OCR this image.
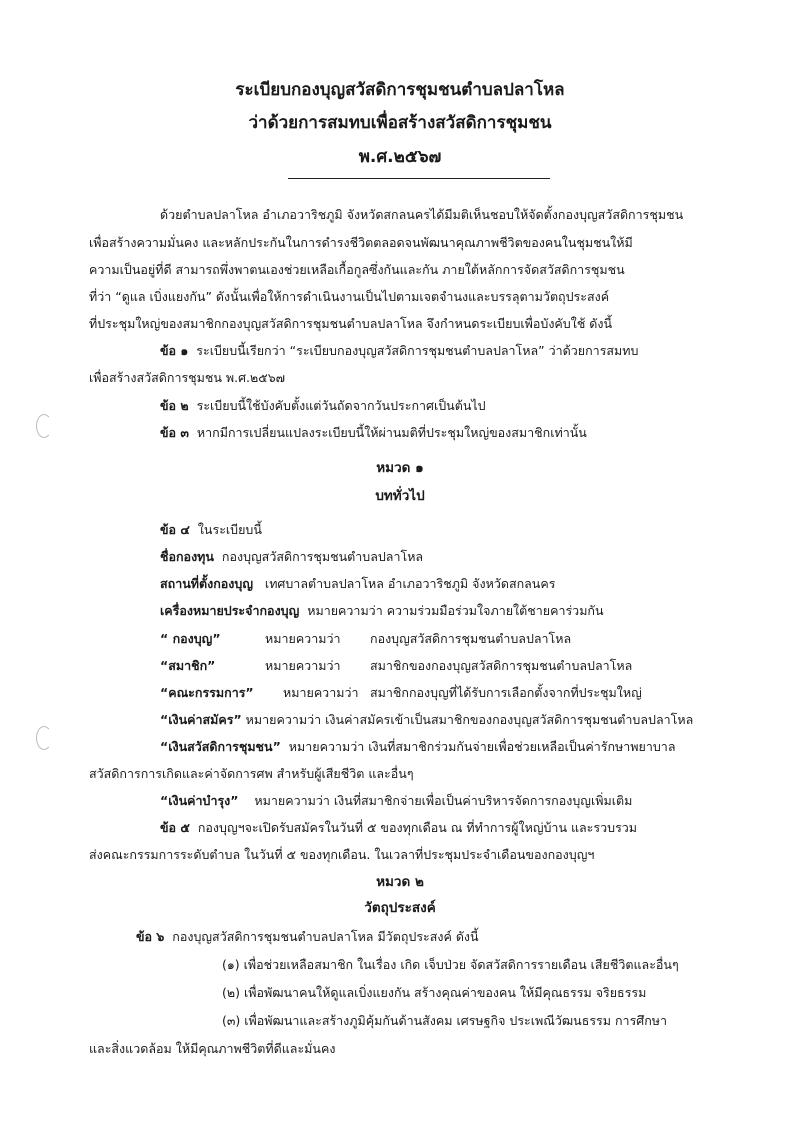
ระเบียบกองบุญสวัสดิการชุมชนตำบลปลาโหล
ว่าด้วยการสมทบเพื่อสร้างสวัสดิการชุมชน
พ.ศ.๒๕๖๗
ด้วยตำบลปลาโหล อำเภอวาริชภูมิ จังหวัดสกลนครได้มีมติเห็นชอบให้จัดตั้งกองบุญสวัสดิการชุมชน
เพื่อสร้างความมั่นคง และหลักประกันในการดำรงชีวิตตลอดจนพัฒนาคุณภาพชีวิตของคนในชุมชนให้มี
ความเป็นอยู่ที่ดี สามารถพึ่งพาตนเองช่วยเหลือเกื้อกูลซึ่งกันและกัน ภายใต้หลักการจัดสวัสดิการชุมชน
ที่ว่า “ดูแล เบิ่งแยงกัน” ดังนั้นเพื่อให้การดำเนินงานเป็นไปตามเจตจำนงและบรรลุตามวัตถุประสงค์
ที่ประชุมใหญ่ของสมาชิกกองบุญสวัสดิการชุมชนตำบลปลาโหล จึงกำหนดระเบียบเพื่อบังคับใช้ ดังนี้
ข้อ ๑ ระเบียบนี้เรียกว่า “ระเบียบกองบุญสวัสดิการชุมชนตำบลปลาโหล” ว่าด้วยการสมทบ
เพื่อสร้างสวัสดิการชุมชน พ.ศ.๒๕๖๗
ข้อ ๒ ระเบียบนี้ใช้บังคับตั้งแต่วันถัดจากวันประกาศเป็นต้นไป
ข้อ ๓ หากมีการเปลี่ยนแปลงระเบียบนี้ให้ผ่านมติที่ประชุมใหญ่ของสมาชิกเท่านั้น
หมวด ๑
บททั่วไป
ข้อ ๔ ในระเบียบนี้
ชื่อกองทุน กองบุญสวัสดิการชุมชนตำบลปลาโหล
สถานที่ตั้งกองบุญ เทศบาลตำบลปลาโหล อำเภอวาริชภูมิ จังหวัดสกลนคร
เครื่องหมายประจำกองบุญ หมายความว่า ความร่วมมือร่วมใจภายใต้ชายคาร่วมกัน
“ กองบุญ”	หมายความว่า กองบุญสวัสดิการชุมชนตำบลปลาโหล
“สมาชิก”	หมายความว่า สมาชิกของกองบุญสวัสดิการชุมชนตำบลปลาโหล
“คณะกรรมการ” หมายความว่า สมาชิกกองบุญที่ได้รับการเลือกตั้งจากที่ประชุมใหญ่
“เงินค่าสมัคร” หมายความว่า เงินค่าสมัครเข้าเป็นสมาชิกของกองบุญสวัสดิการชุมชนตำบลปลาโหล
“เงินสวัสดิการชุมชน” หมายความว่า เงินที่สมาชิกร่วมกันจ่ายเพื่อช่วยเหลือเป็นค่ารักษาพยาบาล
สวัสดิการการเกิดและค่าจัดการศพ สำหรับผู้เสียชีวิต และอื่นๆ
“เงินค่าบำรุง” หมายความว่า เงินที่สมาชิกจ่ายเพื่อเป็นค่าบริหารจัดการกองบุญเพิ่มเติม
ข้อ ๕ กองบุญฯจะเปิดรับสมัครในวันที่ ๕ ของทุกเดือน ณ ที่ทำการผู้ใหญ่บ้าน และรวบรวม
ส่งคณะกรรมการระดับตำบล ในวันที่ ๕ ของทุกเดือน. ในเวลาที่ประชุมประจำเดือนของกองบุญฯ
หมวด ๒
วัตถุประสงค์
ข้อ ๖ กองบุญสวัสดิการชุมชนตำบลปลาโหล มีวัตถุประสงค์ ดังนี้
(๑) เพื่อช่วยเหลือสมาชิก ในเรื่อง เกิด เจ็บป่วย จัดสวัสดิการรายเดือน เสียชีวิตและอื่นๆ
(๒) เพื่อพัฒนาคนให้ดูแลเบิ่งแยงกัน สร้างคุณค่าของคน ให้มีคุณธรรม จริยธรรม
(๓) เพื่อพัฒนาและสร้างภูมิคุ้มกันด้านสังคม เศรษฐกิจ ประเพณีวัฒนธรรม การศึกษา
และสิ่งแวดล้อม ให้มีคุณภาพชีวิตที่ดีและมั่นคง
